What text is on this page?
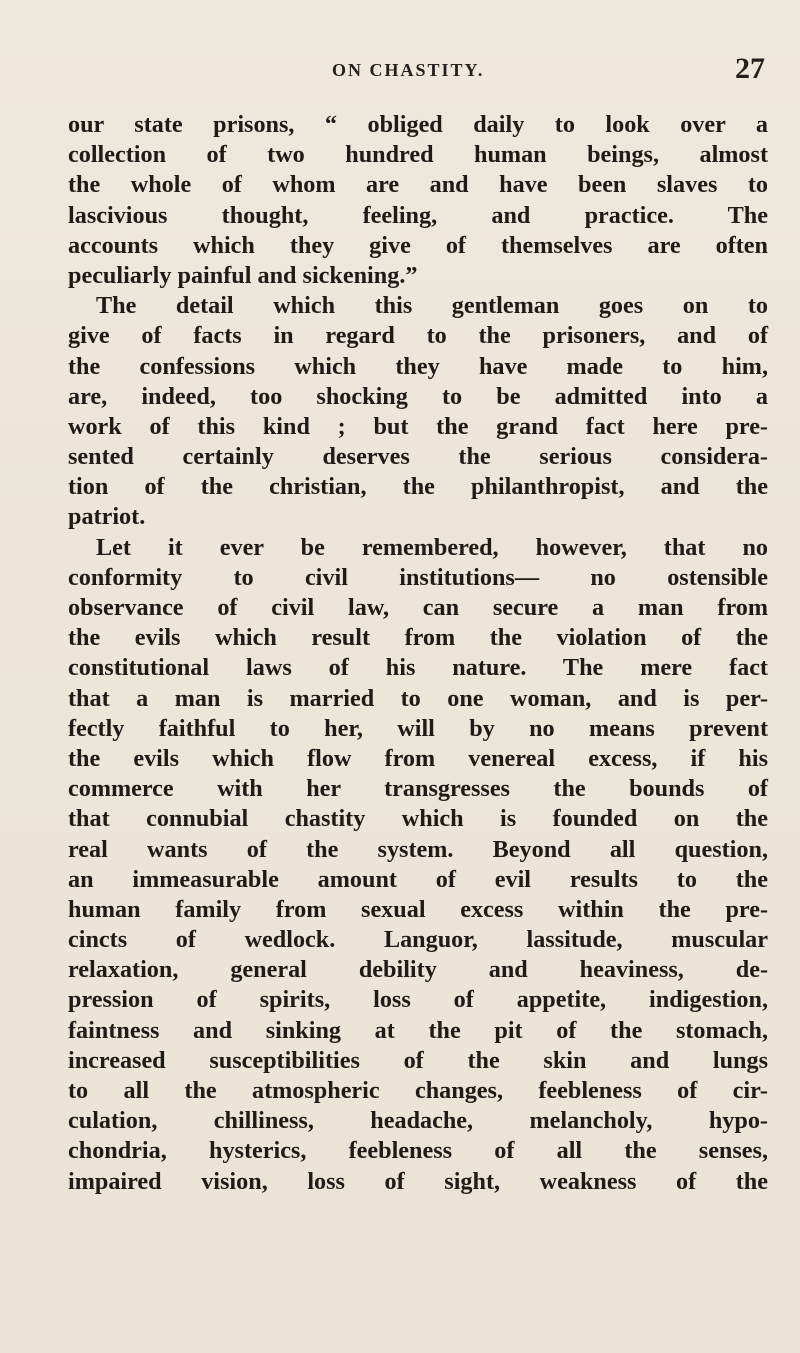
ON CHASTITY.	27
our state prisons, “ obliged daily to look over a
collection of two hundred human beings, almost
the whole of whom are and have been slaves to
lascivious thought, feeling, and practice. The
accounts which they give of themselves are often
peculiarly painful and sickening.”
The detail which this gentleman goes on to
give of facts in regard to the prisoners, and of
the confessions which they have made to him,
are, indeed, too shocking to be admitted into a
work of this kind ; but the grand fact here pre-
sented certainly deserves the serious considera-
tion of the christian, the philanthropist, and the
patriot.
Let it ever be remembered, however, that no
conformity to civil institutions— no ostensible
observance of civil law, can secure a man from
the evils which result from the violation of the
constitutional laws of his nature. The mere fact
that a man is married to one woman, and is per-
fectly faithful to her, will by no means prevent
the evils which flow from venereal excess, if his
commerce with her transgresses the bounds of
that connubial chastity which is founded on the
real wants of the system. Beyond all question,
an immeasurable amount of evil results to the
human family from sexual excess within the pre-
cincts of wedlock. Languor, lassitude, muscular
relaxation, general debility and heaviness, de-
pression of spirits, loss of appetite, indigestion,
faintness and sinking at the pit of the stomach,
increased susceptibilities of the skin and lungs
to all the atmospheric changes, feebleness of cir-
culation, chilliness, headache, melancholy, hypo-
chondria, hysterics, feebleness of all the senses,
impaired vision, loss of sight, weakness of the
